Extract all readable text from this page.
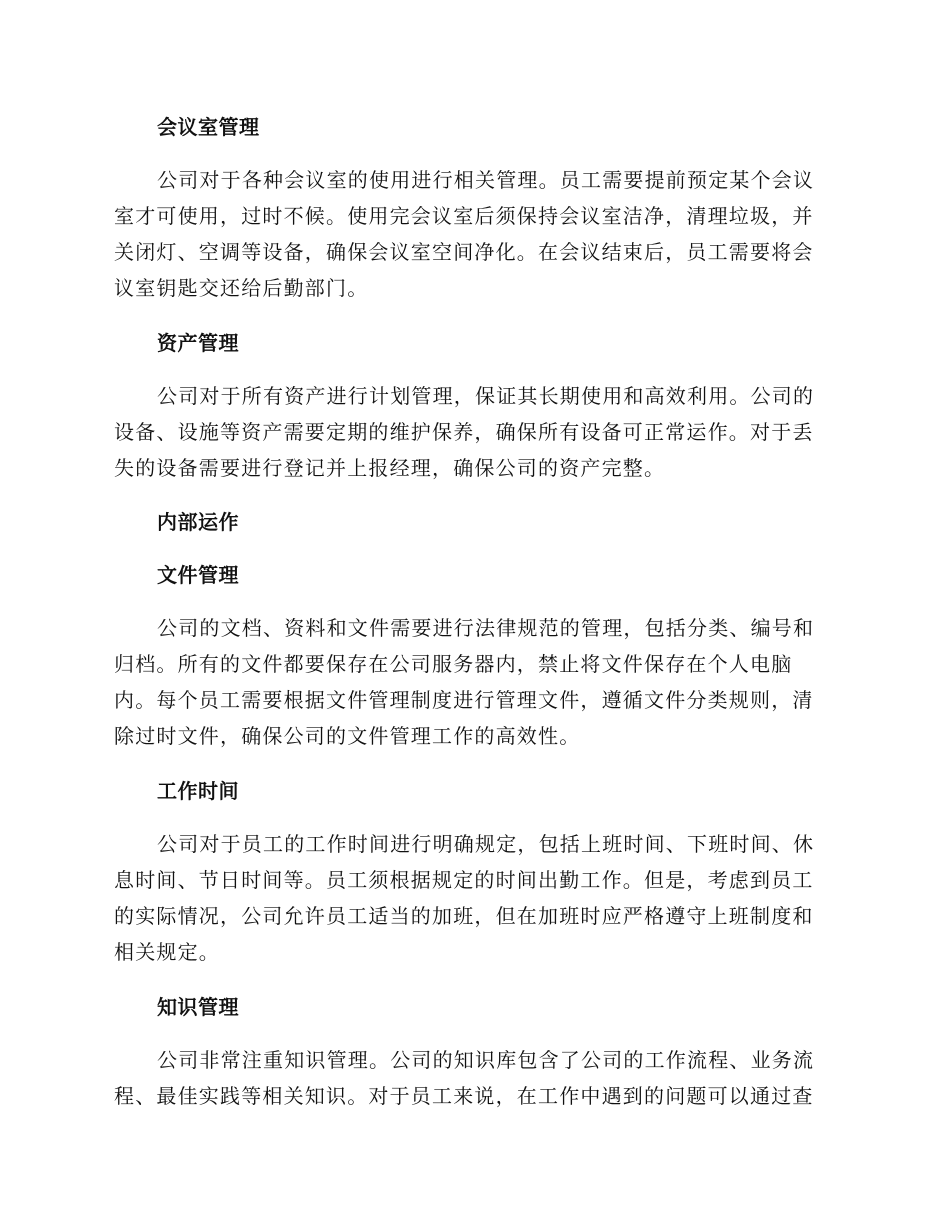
会议室管理
公司对于各种会议室的使用进行相关管理。员工需要提前预定某个会议
室才可使用，过时不候。使用完会议室后须保持会议室洁净，清理垃圾，并
关闭灯、空调等设备，确保会议室空间净化。在会议结束后，员工需要将会
议室钥匙交还给后勤部门。
资产管理
公司对于所有资产进行计划管理，保证其长期使用和高效利用。公司的
设备、设施等资产需要定期的维护保养，确保所有设备可正常运作。对于丢
失的设备需要进行登记并上报经理，确保公司的资产完整。
内部运作
文件管理
公司的文档、资料和文件需要进行法律规范的管理，包括分类、编号和
归档。所有的文件都要保存在公司服务器内，禁止将文件保存在个人电脑
内。每个员工需要根据文件管理制度进行管理文件，遵循文件分类规则，清
除过时文件，确保公司的文件管理工作的高效性。
工作时间
公司对于员工的工作时间进行明确规定，包括上班时间、下班时间、休
息时间、节日时间等。员工须根据规定的时间出勤工作。但是，考虑到员工
的实际情况，公司允许员工适当的加班，但在加班时应严格遵守上班制度和
相关规定。
知识管理
公司非常注重知识管理。公司的知识库包含了公司的工作流程、业务流
程、最佳实践等相关知识。对于员工来说，在工作中遇到的问题可以通过查
